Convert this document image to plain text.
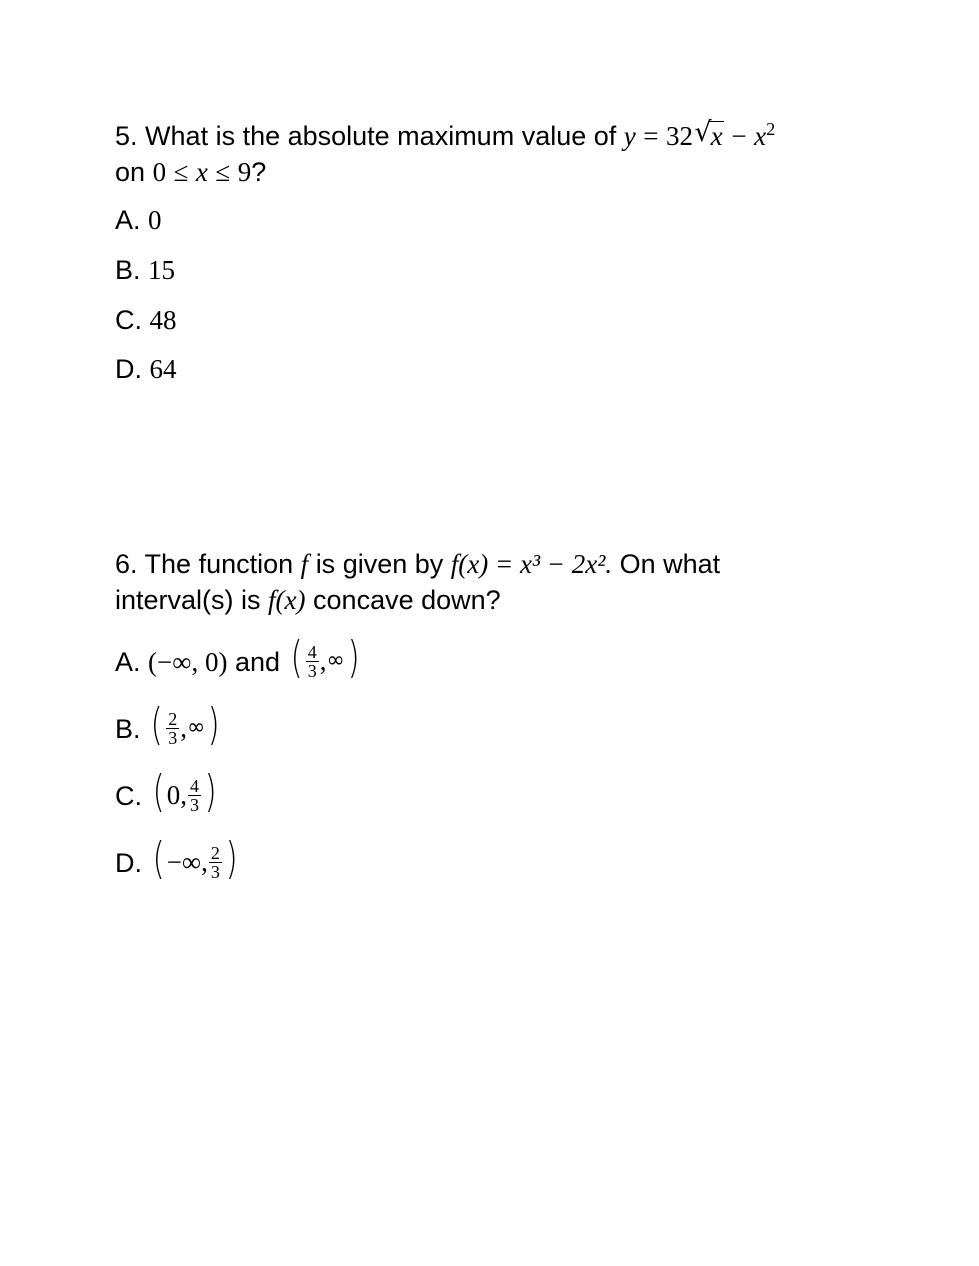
5. What is the absolute maximum value of y = 32 √
$x - x^2$
on 0 ≤ x ≤ 9?
A. 0
B. 15
C. 48
D. 64
6. The function f is given by f(x) = x³ − 2x². On what
interval(s) is f(x) concave down?
A. (−∞, 0) and ( $\frac{4}{3}$ , ∞ )
B. ( $\frac{2}{3}$ , ∞ )
C. ( 0, $\frac{4}{3}$ )
D. ( −∞, $\frac{2}{3}$ )
